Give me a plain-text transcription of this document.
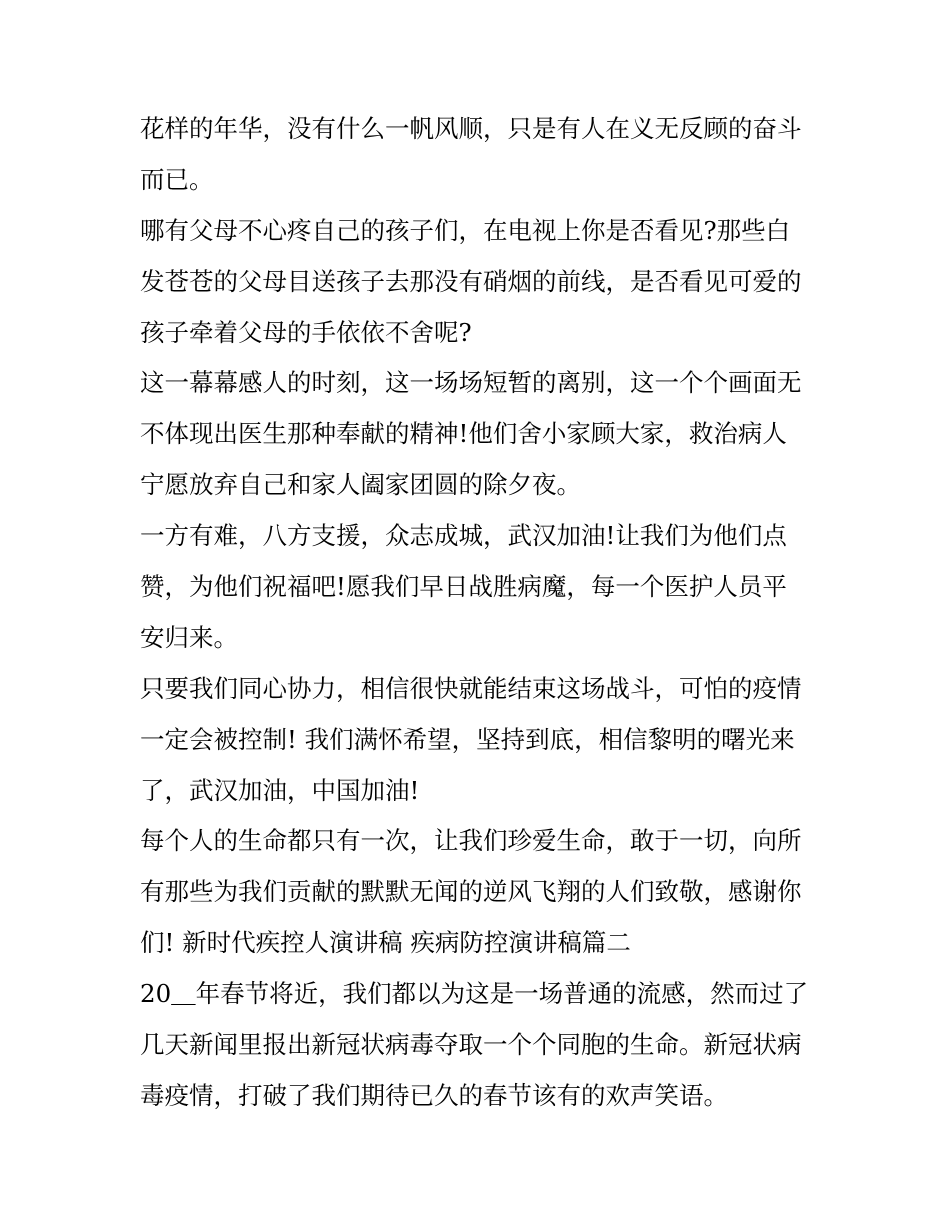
花样的年华，没有什么一帆风顺，只是有人在义无反顾的奋斗
而已。
哪有父母不心疼自己的孩子们，在电视上你是否看见?那些白
发苍苍的父母目送孩子去那没有硝烟的前线，是否看见可爱的
孩子牵着父母的手依依不舍呢?
这一幕幕感人的时刻，这一场场短暂的离别，这一个个画面无
不体现出医生那种奉献的精神!他们舍小家顾大家，救治病人
宁愿放弃自己和家人阖家团圆的除夕夜。
一方有难，八方支援，众志成城，武汉加油!让我们为他们点
赞，为他们祝福吧!愿我们早日战胜病魔，每一个医护人员平
安归来。
只要我们同心协力，相信很快就能结束这场战斗，可怕的疫情
一定会被控制! 我们满怀希望，坚持到底，相信黎明的曙光来
了，武汉加油，中国加油!
每个人的生命都只有一次，让我们珍爱生命，敢于一切，向所
有那些为我们贡献的默默无闻的逆风飞翔的人们致敬，感谢你
们! 新时代疾控人演讲稿 疾病防控演讲稿篇二
20＿年春节将近，我们都以为这是一场普通的流感，然而过了
几天新闻里报出新冠状病毒夺取一个个同胞的生命。新冠状病
毒疫情，打破了我们期待已久的春节该有的欢声笑语。
